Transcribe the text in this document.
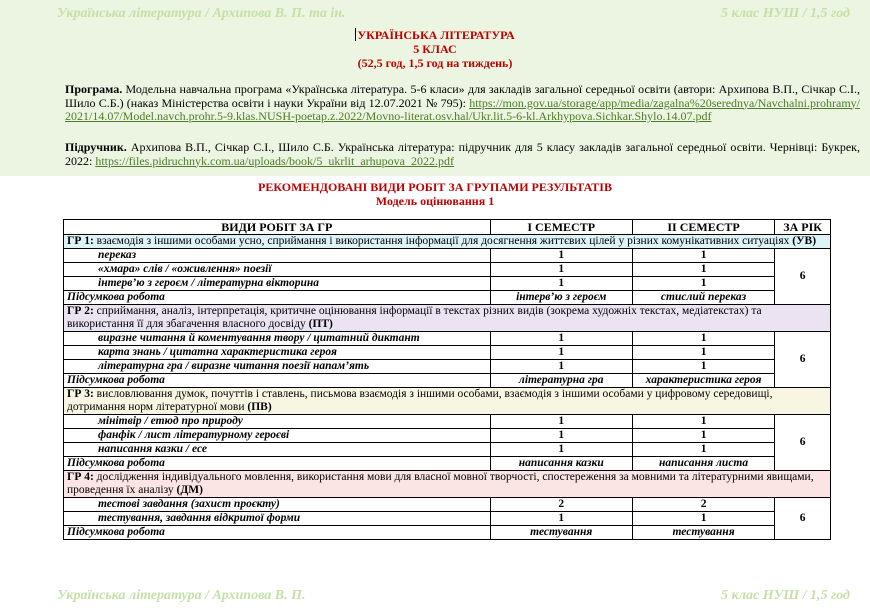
Українська література / Архипова В. П. та ін.	5 клас НУШ / 1,5 год
УКРАЇНСЬКА ЛІТЕРАТУРА
5 КЛАС
(52,5 год, 1,5 год на тиждень)
Програма. Модельна навчальна програма «Українська література. 5-6 класи» для закладів загальної середньої освіти (автори: Архипова В.П., Січкар С.І., Шило С.Б.) (наказ Міністерства освіти і науки України від 12.07.2021 № 795): https://mon.gov.ua/storage/app/media/zagalna%20serednya/Navchalni.prohramy/2021/14.07/Model.navch.prohr.5-9.klas.NUSH-poetap.z.2022/Movno-literat.osv.hal/Ukr.lit.5-6-kl.Arkhypova.Sichkar.Shylo.14.07.pdf
Підручник. Архипова В.П., Січкар С.І., Шило С.Б. Українська література: підручник для 5 класу закладів загальної середньої освіти. Чернівці: Букрек, 2022: https://files.pidruchnyk.com.ua/uploads/book/5_ukrlit_arhupova_2022.pdf
РЕКОМЕНДОВАНІ ВИДИ РОБІТ ЗА ГРУПАМИ РЕЗУЛЬТАТІВ
Модель оцінювання 1
ВИДИ РОБІТ ЗА ГР	І СЕМЕСТР	ІІ СЕМЕСТР	ЗА РІК
ГР 1: взаємодія з іншими особами усно, сприймання і використання інформації для досягнення життєвих цілей у різних комунікативних ситуаціях (УВ)			
переказ	1	1	6
«хмара» слів / «оживлення» поезії	1	1	
інтерв’ю з героєм / літературна вікторина	1	1	
Підсумкова робота	інтерв’ю з героєм	стислий переказ	
ГР 2: сприймання, аналіз, інтерпретація, критичне оцінювання інформації в текстах різних видів (зокрема художніх текстах, медіатекстах) та використання її для збагачення власного досвіду (ПТ)			
виразне читання й коментування твору / цитатний диктант	1	1	6
карта знань / цитатна характеристика героя	1	1	
літературна гра / виразне читання поезії напам’ять	1	1	
Підсумкова робота	літературна гра	характеристика героя	
ГР 3: висловлювання думок, почуттів і ставлень, письмова взаємодія з іншими особами, взаємодія з іншими особами у цифровому середовищі, дотримання норм літературної мови (ПВ)			
мінітвір / етюд про природу	1	1	6
фанфік / лист літературному героєві	1	1	
написання казки / есе	1	1	
Підсумкова робота	написання казки	написання листа	
ГР 4: дослідження індивідуального мовлення, використання мови для власної мовної творчості, спостереження за мовними та літературними явищами, проведення їх аналізу (ДМ)			
тестові завдання (захист проєкту)	2	2	6
тестування, завдання відкритої форми	1	1	
Підсумкова робота	тестування	тестування	
Українська література / Архипова В. П.	5 клас НУШ / 1,5 год
